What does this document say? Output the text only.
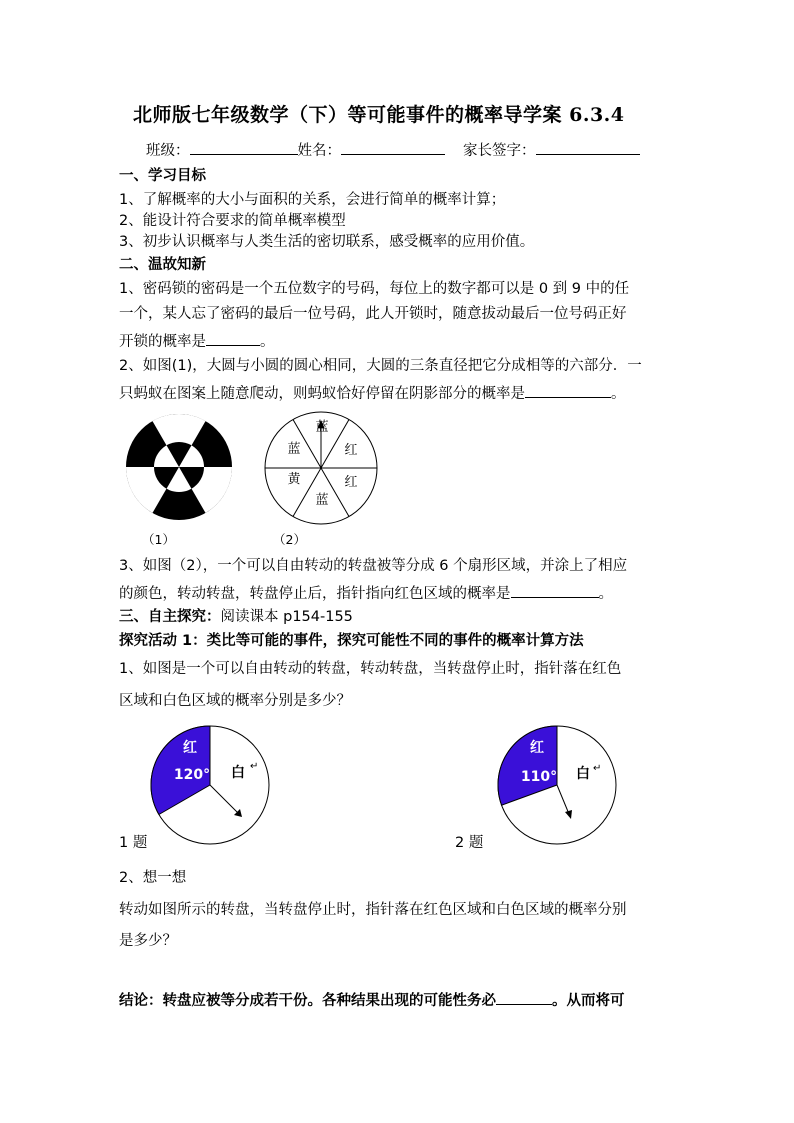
北师版七年级数学（下）等可能事件的概率导学案 6.3.4
班级：	姓名：	家长签字：
一、学习目标
1、了解概率的大小与面积的关系，会进行简单的概率计算；
2、能设计符合要求的简单概率模型
3、初步认识概率与人类生活的密切联系，感受概率的应用价值。
二、温故知新
1、密码锁的密码是一个五位数字的号码，每位上的数字都可以是 0 到 9 中的任
一个，某人忘了密码的最后一位号码，此人开锁时，随意拔动最后一位号码正好
开锁的概率是	。
2、如图(1)，大圆与小圆的圆心相同，大圆的三条直径把它分成相等的六部分．一
只蚂蚁在图案上随意爬动，则蚂蚁恰好停留在阴影部分的概率是	。
蓝
红
红
蓝
黄
蓝
（1）	（2）
3、如图（2），一个可以自由转动的转盘被等分成 6 个扇形区域，并涂上了相应
的颜色，转动转盘，转盘停止后，指针指向红色区域的概率是	。
三、自主探究：阅读课本 p154-155
探究活动 1：类比等可能的事件，探究可能性不同的事件的概率计算方法
1、如图是一个可以自由转动的转盘，转动转盘，当转盘停止时，指针落在红色
区域和白色区域的概率分别是多少？
红
120° 白 ↵
红
110° 白 ↵
1 题	2 题
2、想一想
转动如图所示的转盘，当转盘停止时，指针落在红色区域和白色区域的概率分别
是多少？
结论：转盘应被等分成若干份。各种结果出现的可能性务必	。从而将可
